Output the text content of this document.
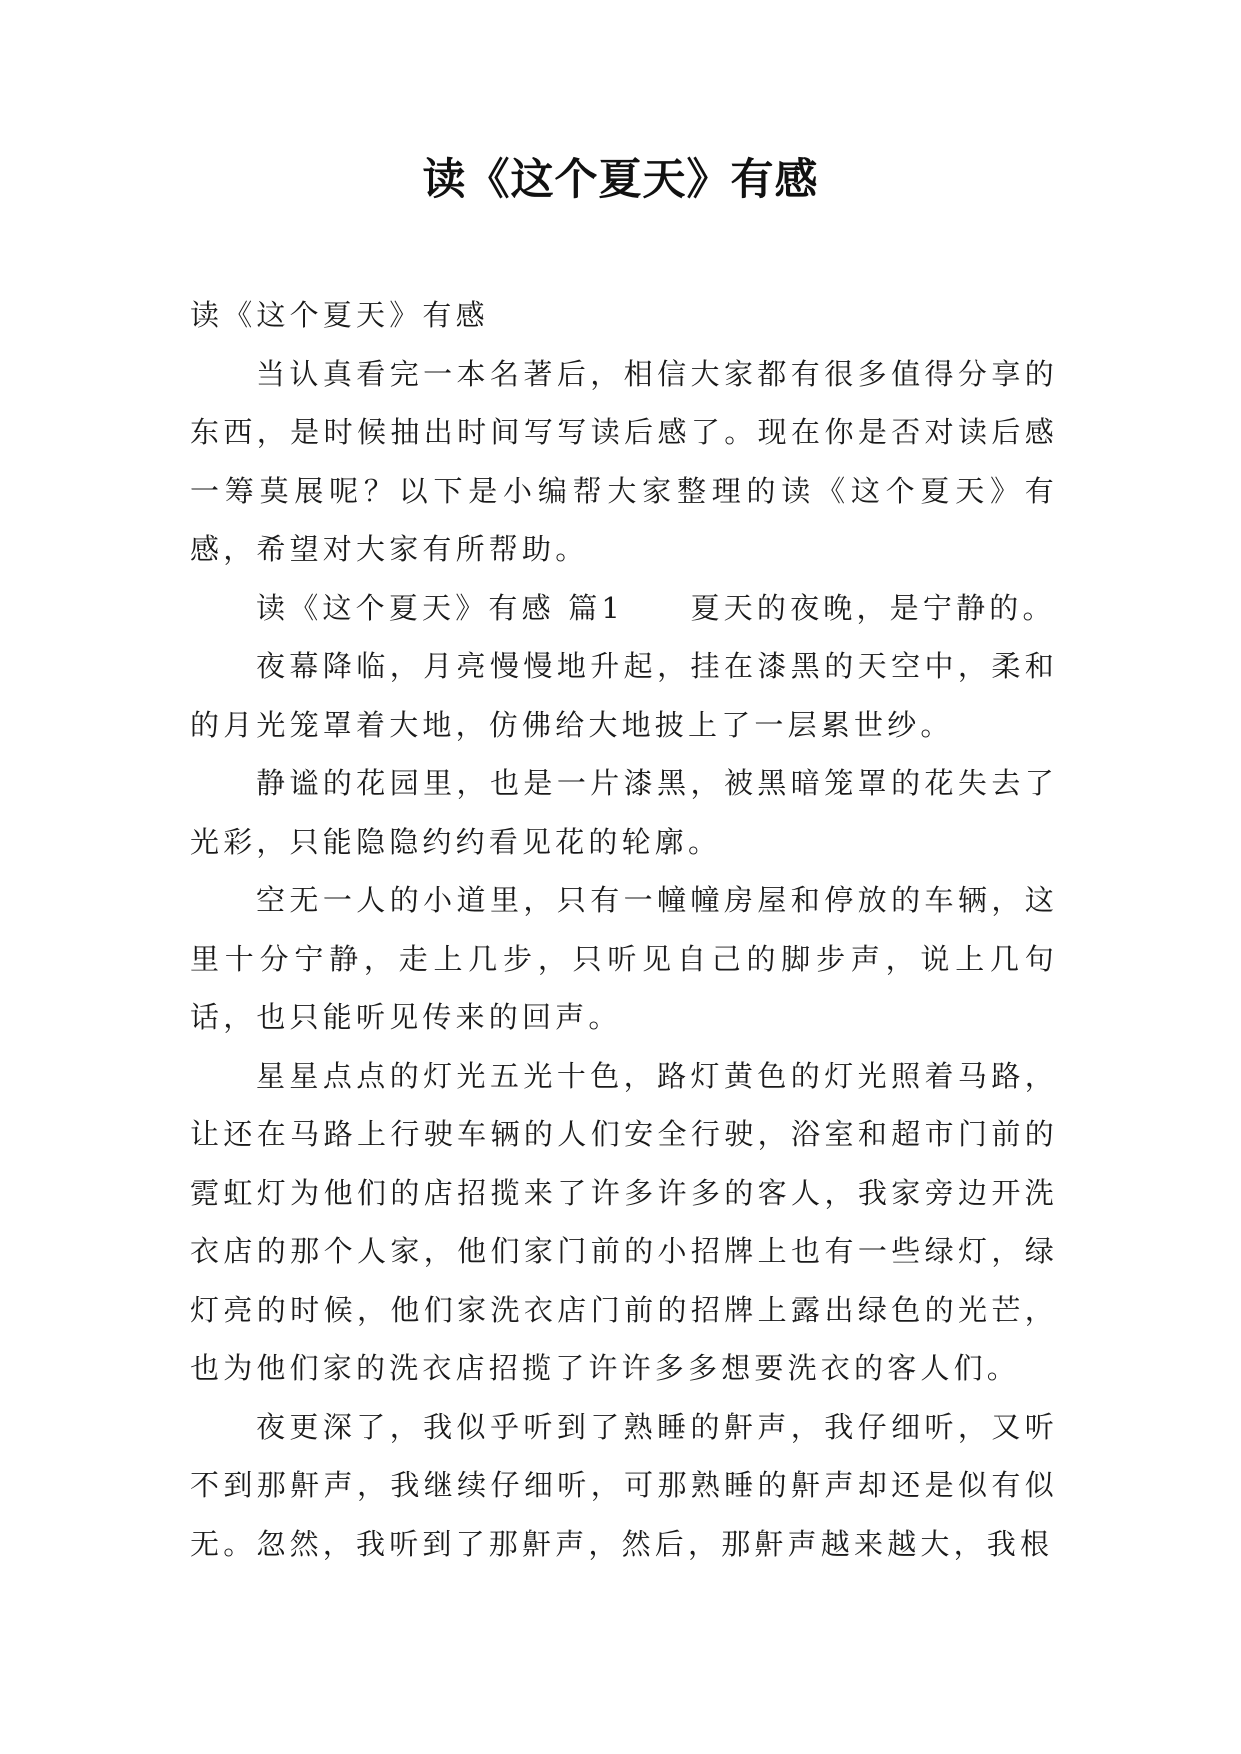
读《这个夏天》有感

读《这个夏天》有感

当认真看完一本名著后，相信大家都有很多值得分享的东西，是时候抽出时间写写读后感了。现在你是否对读后感一筹莫展呢？以下是小编帮大家整理的读《这个夏天》有感，希望对大家有所帮助。

读《这个夏天》有感 篇1　　夏天的夜晚，是宁静的。

夜幕降临，月亮慢慢地升起，挂在漆黑的天空中，柔和的月光笼罩着大地，仿佛给大地披上了一层累世纱。

静谧的花园里，也是一片漆黑，被黑暗笼罩的花失去了光彩，只能隐隐约约看见花的轮廓。

空无一人的小道里，只有一幢幢房屋和停放的车辆，这里十分宁静，走上几步，只听见自己的脚步声，说上几句话，也只能听见传来的回声。

星星点点的灯光五光十色，路灯黄色的灯光照着马路，让还在马路上行驶车辆的人们安全行驶，浴室和超市门前的霓虹灯为他们的店招揽来了许多许多的客人，我家旁边开洗衣店的那个人家，他们家门前的小招牌上也有一些绿灯，绿灯亮的时候，他们家洗衣店门前的招牌上露出绿色的光芒，也为他们家的洗衣店招揽了许许多多想要洗衣的客人们。

夜更深了，我似乎听到了熟睡的鼾声，我仔细听，又听不到那鼾声，我继续仔细听，可那熟睡的鼾声却还是似有似无。忽然，我听到了那鼾声，然后，那鼾声越来越大，我根
